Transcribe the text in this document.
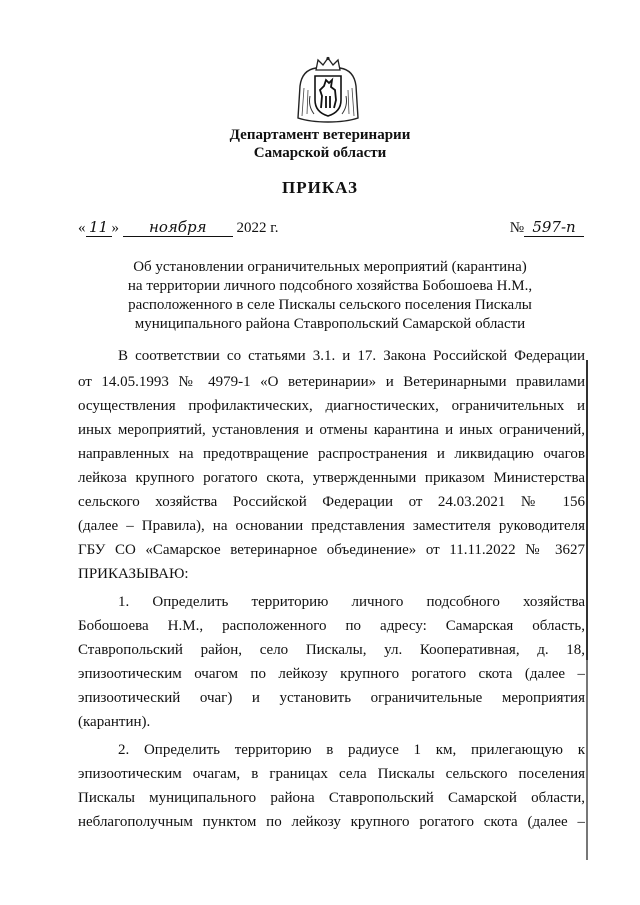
Департамент ветеринарии
Самарской области
ПРИКАЗ
« 11 » ноября 2022 г.	№ 597-п
Об установлении ограничительных мероприятий (карантина)
на территории личного подсобного хозяйства Бобошоева Н.М.,
расположенного в селе Пискалы сельского поселения Пискалы
муниципального района Ставропольский Самарской области
В соответствии со статьями 3.1. и 17. Закона Российской Федерации
от 14.05.1993 № 4979-1 «О ветеринарии» и Ветеринарными правилами
осуществления профилактических, диагностических, ограничительных и
иных мероприятий, установления и отмены карантина и иных ограничений,
направленных на предотвращение распространения и ликвидацию очагов
лейкоза крупного рогатого скота, утвержденными приказом Министерства
сельского хозяйства Российской Федерации от 24.03.2021 № 156
(далее – Правила), на основании представления заместителя руководителя
ГБУ СО «Самарское ветеринарное объединение» от 11.11.2022 № 3627
ПРИКАЗЫВАЮ:
1. Определить территорию личного подсобного хозяйства
Бобошоева Н.М., расположенного по адресу: Самарская область,
Ставропольский район, село Пискалы, ул. Кооперативная, д. 18,
эпизоотическим очагом по лейкозу крупного рогатого скота (далее –
эпизоотический очаг) и установить ограничительные мероприятия
(карантин).
2. Определить территорию в радиусе 1 км, прилегающую к
эпизоотическим очагам, в границах села Пискалы сельского поселения
Пискалы муниципального района Ставропольский Самарской области,
неблагополучным пунктом по лейкозу крупного рогатого скота (далее –
